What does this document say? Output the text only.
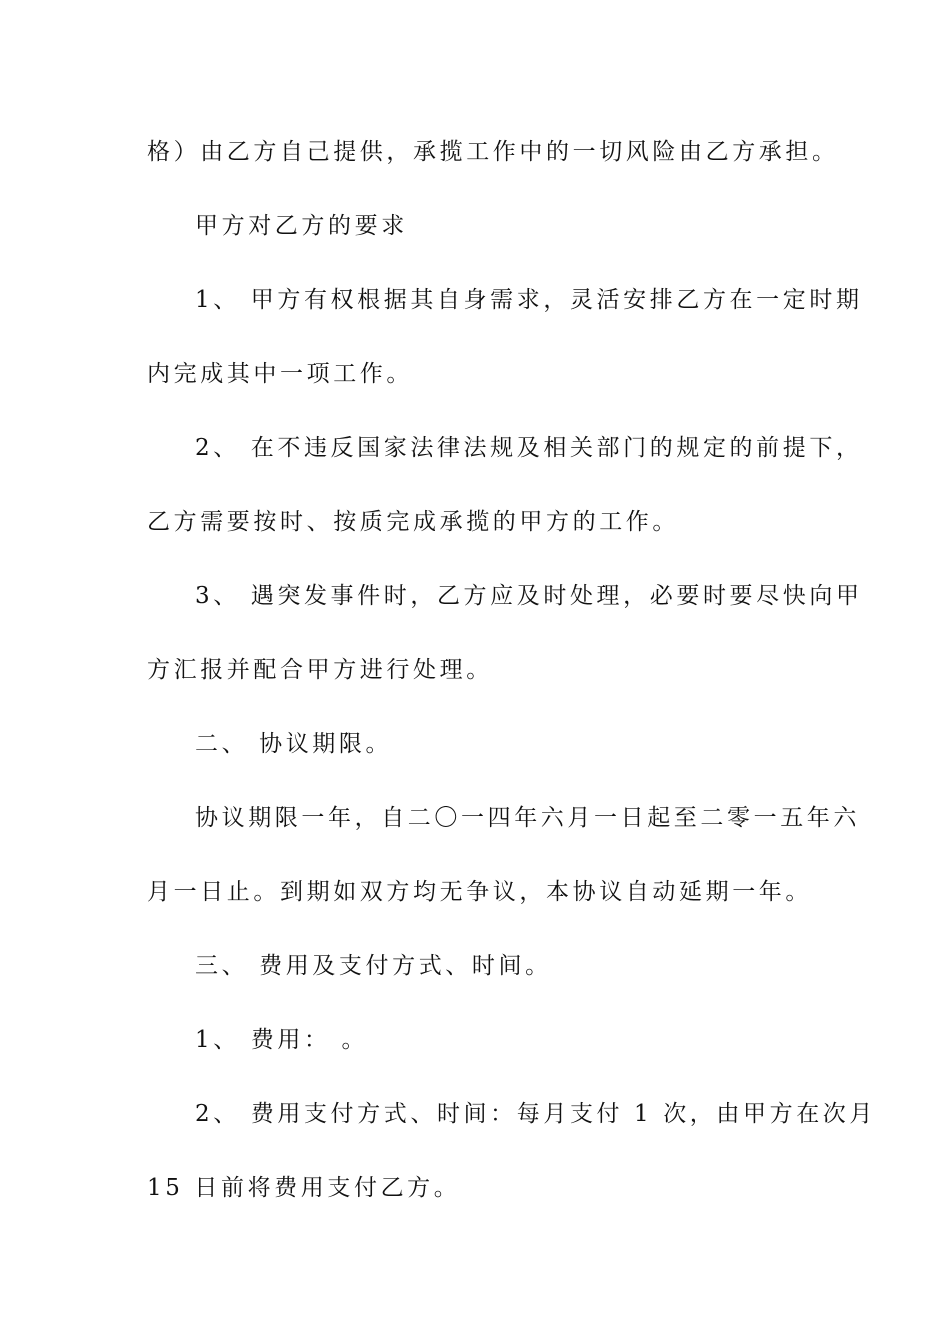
格）由乙方自己提供，承揽工作中的一切风险由乙方承担。
甲方对乙方的要求
1、 甲方有权根据其自身需求，灵活安排乙方在一定时期
内完成其中一项工作。
2、 在不违反国家法律法规及相关部门的规定的前提下，
乙方需要按时、按质完成承揽的甲方的工作。
3、 遇突发事件时，乙方应及时处理，必要时要尽快向甲
方汇报并配合甲方进行处理。
二、 协议期限。
协议期限一年，自二〇一四年六月一日起至二零一五年六
月一日止。到期如双方均无争议，本协议自动延期一年。
三、 费用及支付方式、时间。
1、 费用： 。
2、 费用支付方式、时间：每月支付 1 次，由甲方在次月
15 日前将费用支付乙方。
